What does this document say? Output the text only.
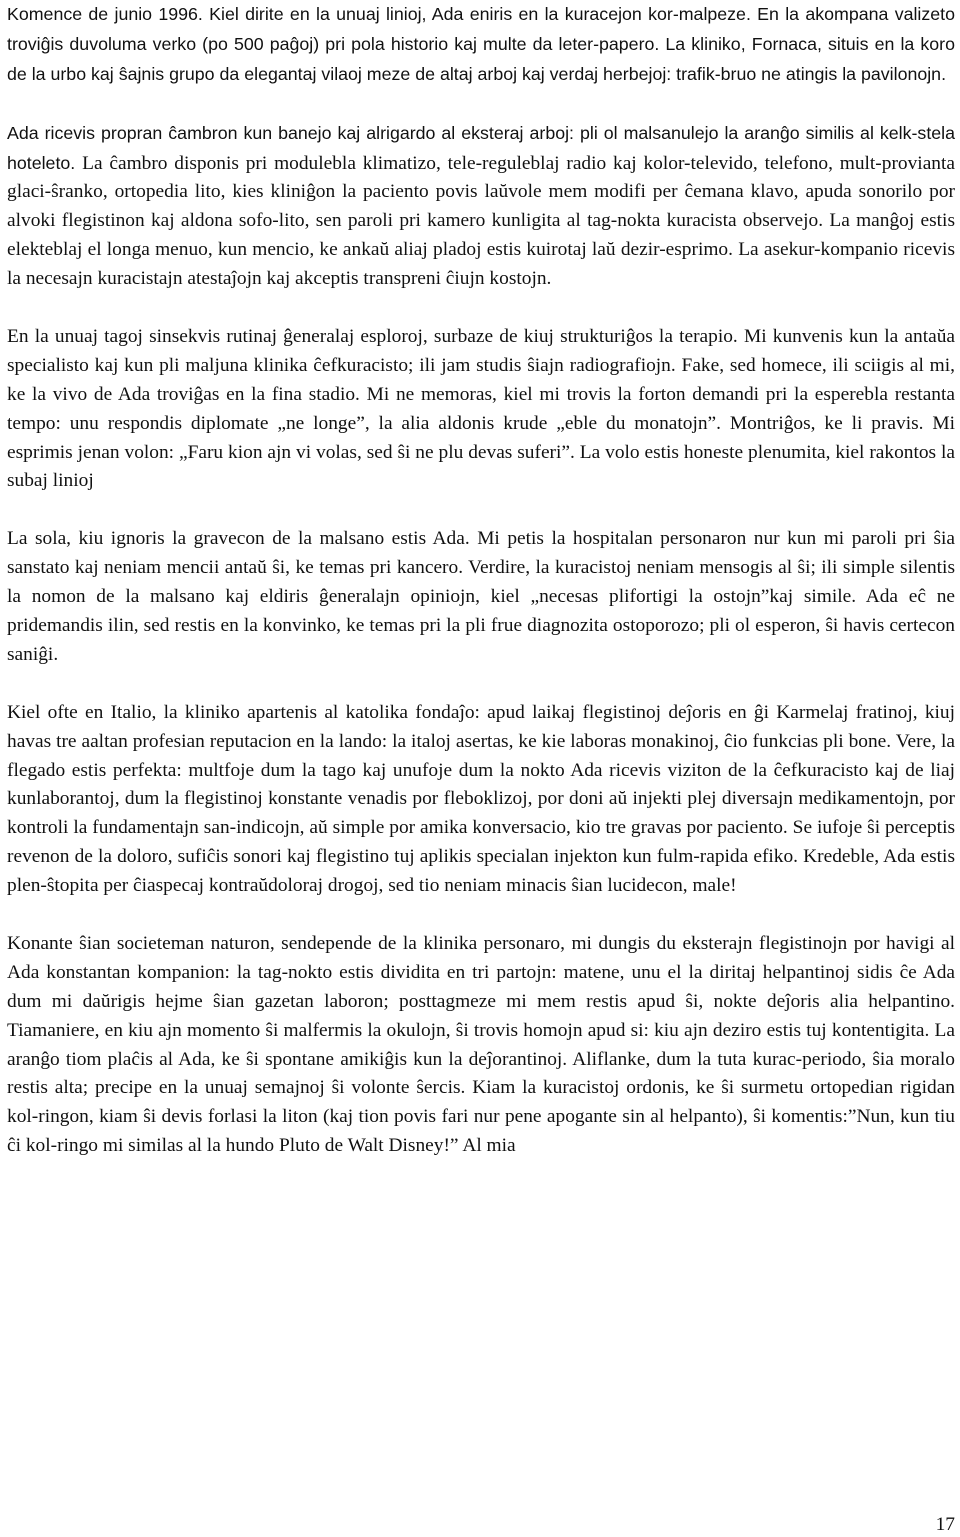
Komence de junio 1996. Kiel dirite en la unuaj linioj, Ada eniris en la kuracejon kor-malpeze. En la akompana valizeto troviĝis duvoluma verko (po 500 paĝoj) pri pola historio kaj multe da leter-papero. La kliniko, Fornaca, situis en la koro de la urbo kaj ŝajnis grupo da elegantaj vilaoj meze de altaj arboj kaj verdaj herbejoj: trafik-bruo ne atingis la pavilonojn.

Ada ricevis propran ĉambron kun banejo kaj alrigardo al eksteraj arboj: pli ol malsanulejo la aranĝo similis al kelk-stela hoteleto. La ĉambro disponis pri modulebla klimatizo, tele-reguleblaj radio kaj kolor-televido, telefono, mult-provianta glaci-ŝranko, ortopedia lito, kies kliniĝon la paciento povis laŭvole mem modifi per ĉemana klavo, apuda sonorilo por alvoki flegistinon kaj aldona sofo-lito, sen paroli pri kamero kunligita al tag-nokta kuracista observejo. La manĝoj estis elekteblaj el longa menuo, kun mencio, ke ankaŭ aliaj pladoj estis kuirotaj laŭ dezir-esprimo. La asekur-kompanio ricevis la necesajn kuracistajn atestaĵojn kaj akceptis transpreni ĉiujn kostojn.

En la unuaj tagoj sinsekvis rutinaj ĝeneralaj esploroj, surbaze de kiuj strukturiĝos la terapio. Mi kunvenis kun la antaŭa specialisto kaj kun pli maljuna klinika ĉefkuracisto; ili jam studis ŝiajn radiografiojn. Fake, sed homece, ili sciigis al mi, ke la vivo de Ada troviĝas en la fina stadio. Mi ne memoras, kiel mi trovis la forton demandi pri la esperebla restanta tempo: unu respondis diplomate „ne longe”, la alia aldonis krude „eble du monatojn”. Montriĝos, ke li pravis. Mi esprimis jenan volon: „Faru kion ajn vi volas, sed ŝi ne plu devas suferi”. La volo estis honeste plenumita, kiel rakontos la subaj linioj

La sola, kiu ignoris la gravecon de la malsano estis Ada. Mi petis la hospitalan personaron nur kun mi paroli pri ŝia sanstato kaj neniam mencii antaŭ ŝi, ke temas pri kancero. Verdire, la kuracistoj neniam mensogis al ŝi; ili simple silentis la nomon de la malsano kaj eldiris ĝeneralajn opiniojn, kiel „necesas plifortigi la ostojn”kaj simile. Ada eĉ ne pridemandis ilin, sed restis en la konvinko, ke temas pri la pli frue diagnozita ostoporozo; pli ol esperon, ŝi havis certecon saniĝi.

Kiel ofte en Italio, la kliniko apartenis al katolika fondaĵo: apud laikaj flegistinoj deĵoris en ĝi Karmelaj fratinoj, kiuj havas tre aaltan profesian reputacion en la lando: la italoj asertas, ke kie laboras monakinoj, ĉio funkcias pli bone. Vere, la flegado estis perfekta: multfoje dum la tago kaj unufoje dum la nokto Ada ricevis viziton de la ĉefkuracisto kaj de liaj kunlaborantoj, dum la flegistinoj konstante venadis por fleboklizoj, por doni aŭ injekti plej diversajn medikamentojn, por kontroli la fundamentajn san-indicojn, aŭ simple por amika konversacio, kio tre gravas por paciento. Se iufoje ŝi perceptis revenon de la doloro, sufiĉis sonori kaj flegistino tuj aplikis specialan injekton kun fulm-rapida efiko. Kredeble, Ada estis plen-ŝtopita per ĉiaspecaj kontraŭdoloraj drogoj, sed tio neniam minacis ŝian lucidecon, male!

Konante ŝian societeman naturon, sendepende de la klinika personaro, mi dungis du eksterajn flegistinojn por havigi al Ada konstantan kompanion: la tag-nokto estis dividita en tri partojn: matene, unu el la diritaj helpantinoj sidis ĉe Ada dum mi daŭrigis hejme ŝian gazetan laboron; posttagmeze mi mem restis apud ŝi, nokte deĵoris alia helpantino. Tiamaniere, en kiu ajn momento ŝi malfermis la okulojn, ŝi trovis homojn apud si: kiu ajn deziro estis tuj kontentigita. La aranĝo tiom plaĉis al Ada, ke ŝi spontane amikiĝis kun la deĵorantinoj. Aliflanke, dum la tuta kurac-periodo, ŝia moralo restis alta; precipe en la unuaj semajnoj ŝi volonte ŝercis. Kiam la kuracistoj ordonis, ke ŝi surmetu ortopedian rigidan kol-ringon, kiam ŝi devis forlasi la liton (kaj tion povis fari nur pene apogante sin al helpanto), ŝi komentis:”Nun, kun tiu ĉi kol-ringo mi similas al la hundo Pluto de Walt Disney!” Al mia

17
